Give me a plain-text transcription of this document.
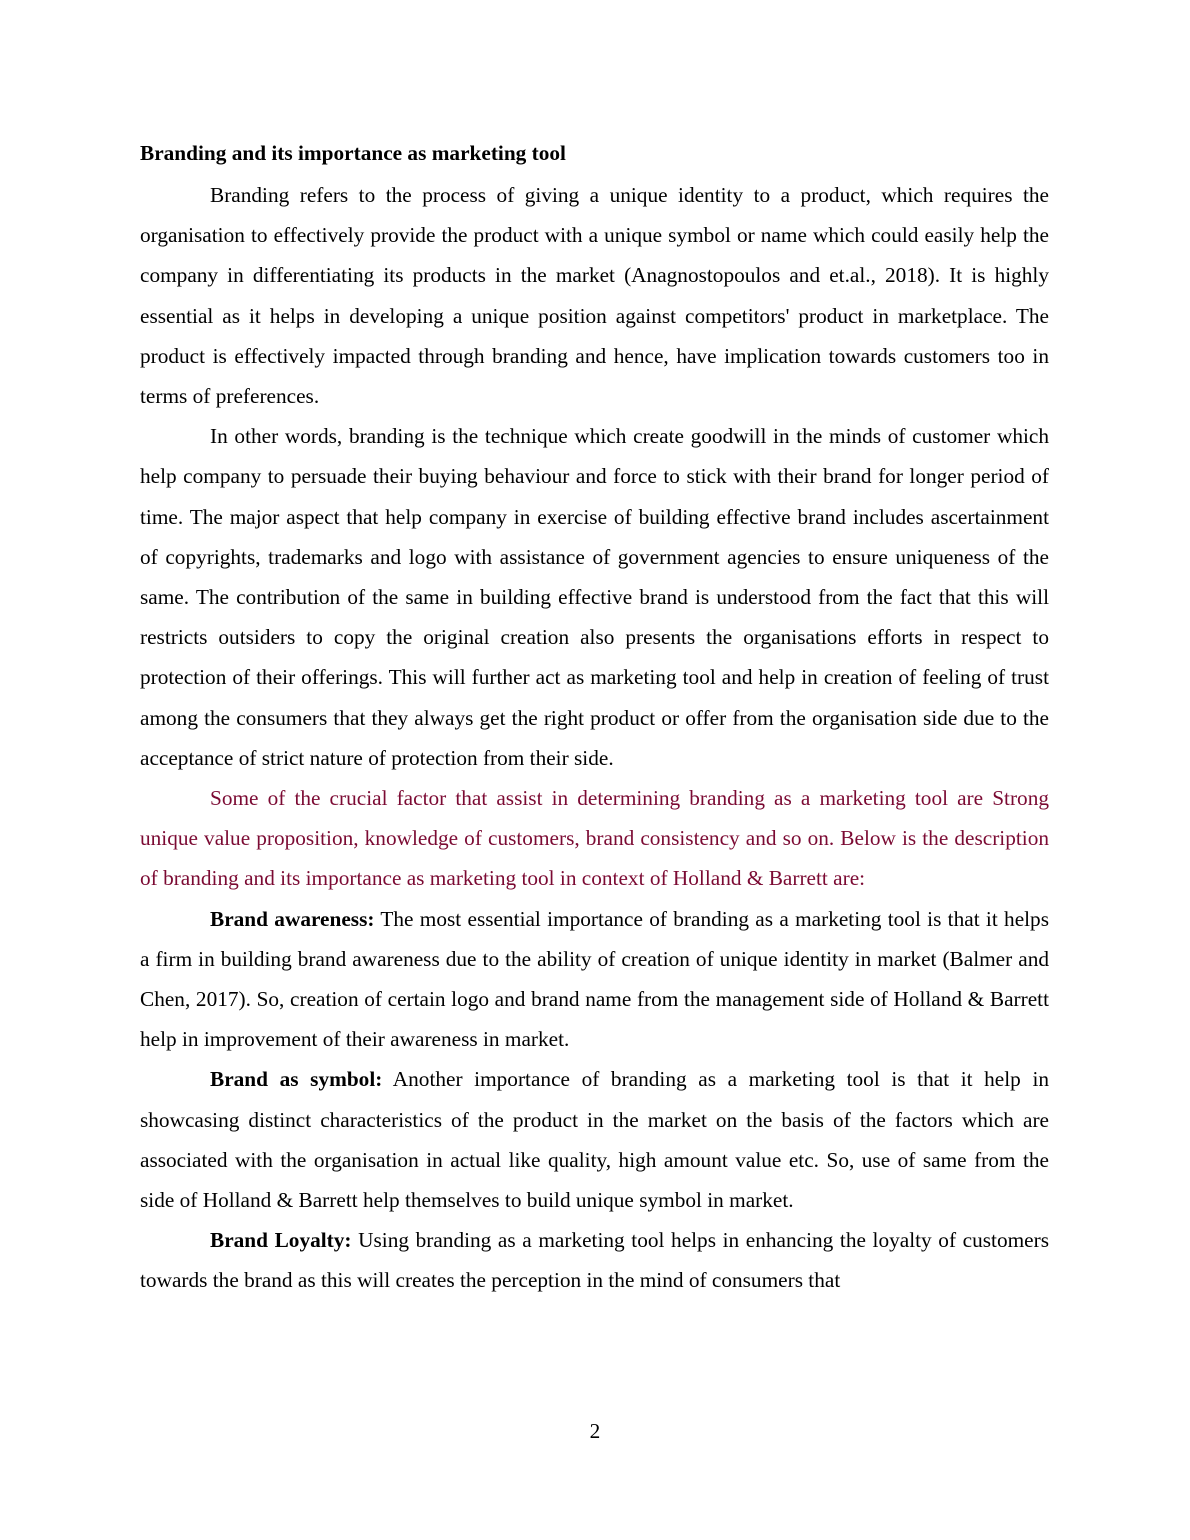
Branding and its importance as marketing tool

Branding refers to the process of giving a unique identity to a product, which requires the organisation to effectively provide the product with a unique symbol or name which could easily help the company in differentiating its products in the market (Anagnostopoulos and et.al., 2018). It is highly essential as it helps in developing a unique position against competitors' product in marketplace. The product is effectively impacted through branding and hence, have implication towards customers too in terms of preferences.

In other words, branding is the technique which create goodwill in the minds of customer which help company to persuade their buying behaviour and force to stick with their brand for longer period of time. The major aspect that help company in exercise of building effective brand includes ascertainment of copyrights, trademarks and logo with assistance of government agencies to ensure uniqueness of the same. The contribution of the same in building effective brand is understood from the fact that this will restricts outsiders to copy the original creation also presents the organisations efforts in respect to protection of their offerings. This will further act as marketing tool and help in creation of feeling of trust among the consumers that they always get the right product or offer from the organisation side due to the acceptance of strict nature of protection from their side.

Some of the crucial factor that assist in determining branding as a marketing tool are Strong unique value proposition, knowledge of customers, brand consistency and so on. Below is the description of branding and its importance as marketing tool in context of Holland & Barrett are:

Brand awareness: The most essential importance of branding as a marketing tool is that it helps a firm in building brand awareness due to the ability of creation of unique identity in market (Balmer and Chen, 2017). So, creation of certain logo and brand name from the management side of Holland & Barrett help in improvement of their awareness in market.

Brand as symbol: Another importance of branding as a marketing tool is that it help in showcasing distinct characteristics of the product in the market on the basis of the factors which are associated with the organisation in actual like quality, high amount value etc. So, use of same from the side of Holland & Barrett help themselves to build unique symbol in market.

Brand Loyalty: Using branding as a marketing tool helps in enhancing the loyalty of customers towards the brand as this will creates the perception in the mind of consumers that

2
